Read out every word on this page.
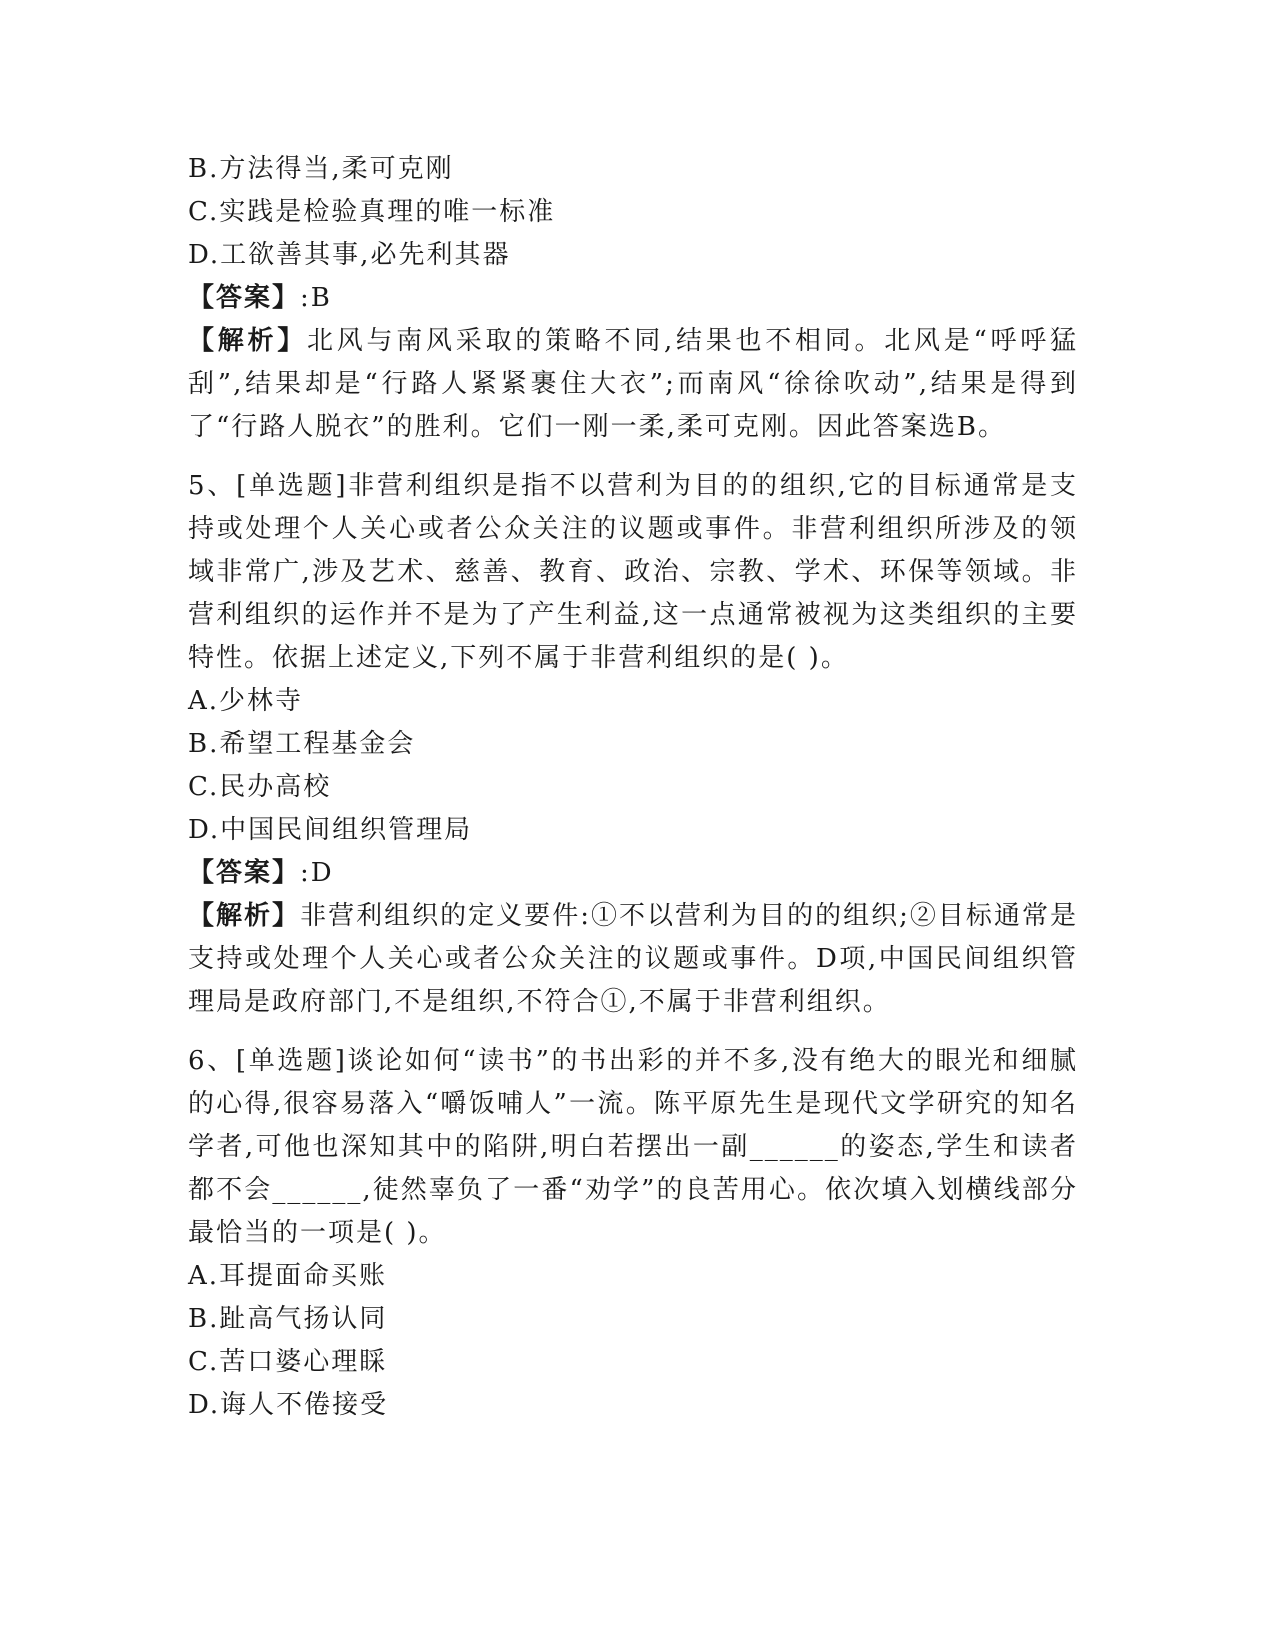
B.方法得当,柔可克刚
C.实践是检验真理的唯一标准
D.工欲善其事,必先利其器
【答案】:B
【解析】北风与南风采取的策略不同,结果也不相同。北风是“呼呼猛刮”,结果却是“行路人紧紧裹住大衣”;而南风“徐徐吹动”,结果是得到了“行路人脱衣”的胜利。它们一刚一柔,柔可克刚。因此答案选B。
5、[单选题]非营利组织是指不以营利为目的的组织,它的目标通常是支持或处理个人关心或者公众关注的议题或事件。非营利组织所涉及的领域非常广,涉及艺术、慈善、教育、政治、宗教、学术、环保等领域。非营利组织的运作并不是为了产生利益,这一点通常被视为这类组织的主要特性。依据上述定义,下列不属于非营利组织的是( )。
A.少林寺
B.希望工程基金会
C.民办高校
D.中国民间组织管理局
【答案】:D
【解析】非营利组织的定义要件:①不以营利为目的的组织;②目标通常是支持或处理个人关心或者公众关注的议题或事件。D项,中国民间组织管理局是政府部门,不是组织,不符合①,不属于非营利组织。
6、[单选题]谈论如何“读书”的书出彩的并不多,没有绝大的眼光和细腻的心得,很容易落入“嚼饭哺人”一流。陈平原先生是现代文学研究的知名学者,可他也深知其中的陷阱,明白若摆出一副______的姿态,学生和读者都不会______,徒然辜负了一番“劝学”的良苦用心。依次填入划横线部分最恰当的一项是( )。
A.耳提面命买账
B.趾高气扬认同
C.苦口婆心理睬
D.诲人不倦接受
